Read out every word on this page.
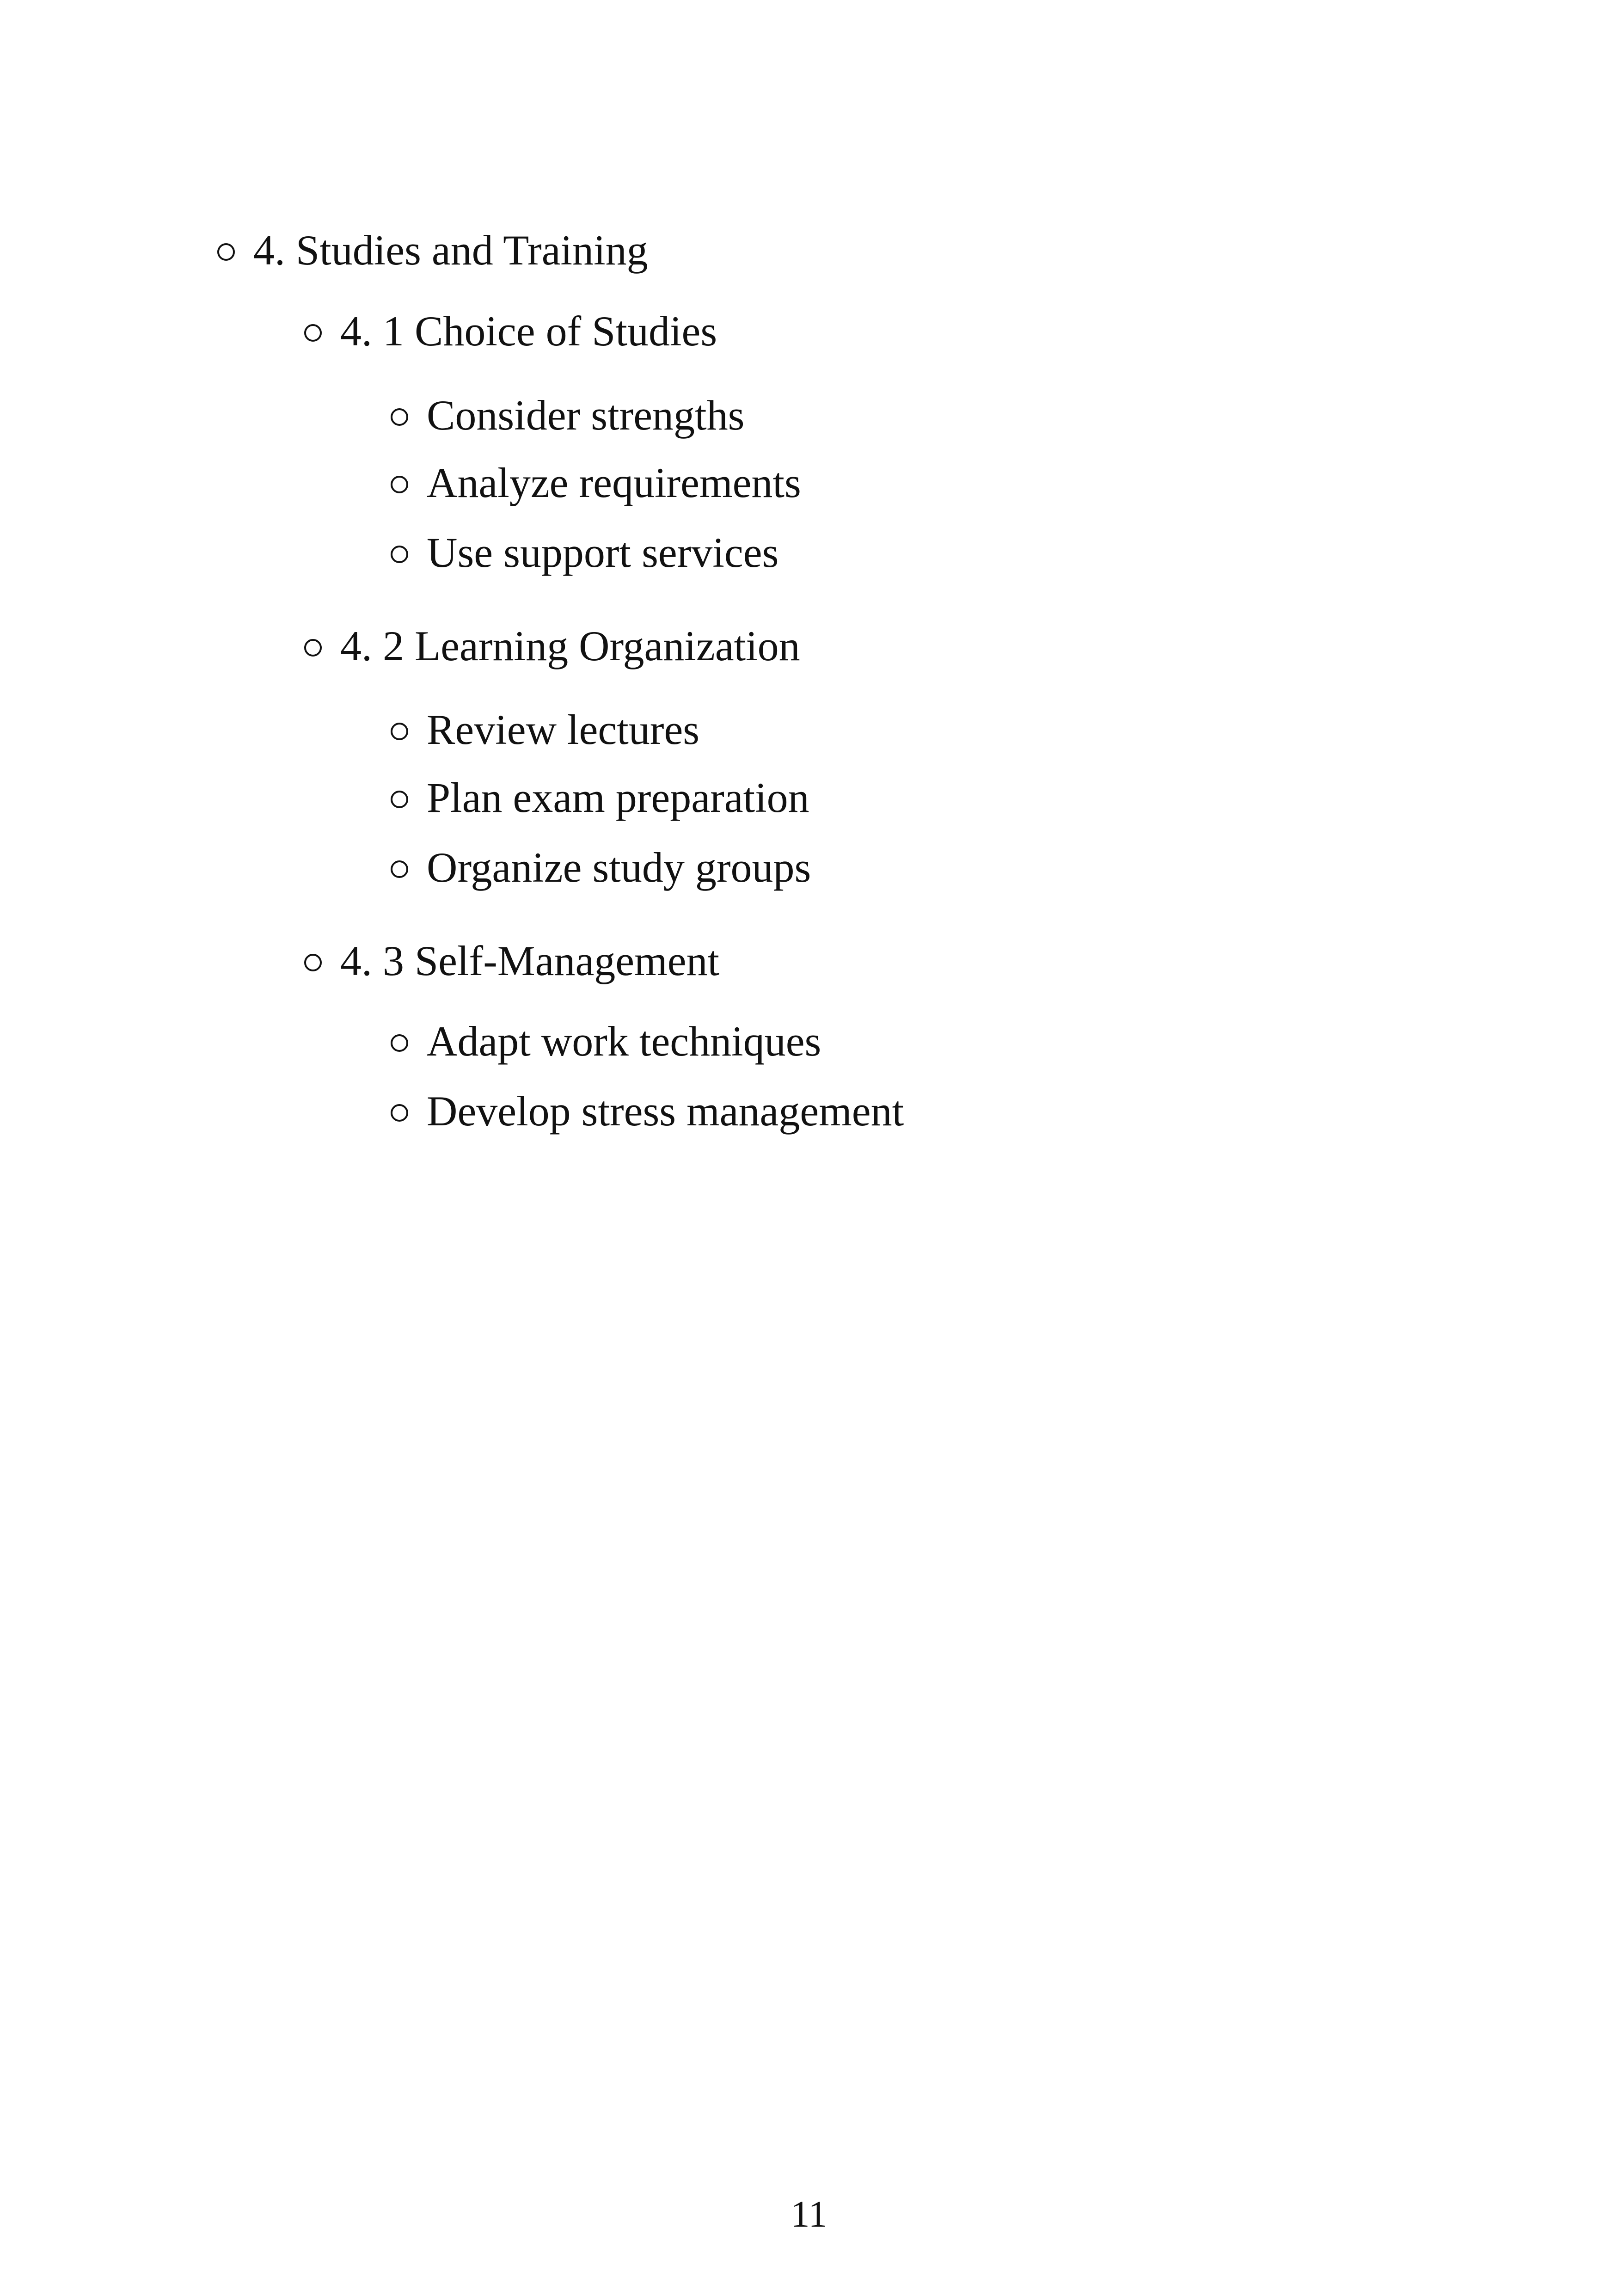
4. Studies and Training
4. 1 Choice of Studies
Consider strengths
Analyze requirements
Use support services
4. 2 Learning Organization
Review lectures
Plan exam preparation
Organize study groups
4. 3 Self-Management
Adapt work techniques
Develop stress management
11
